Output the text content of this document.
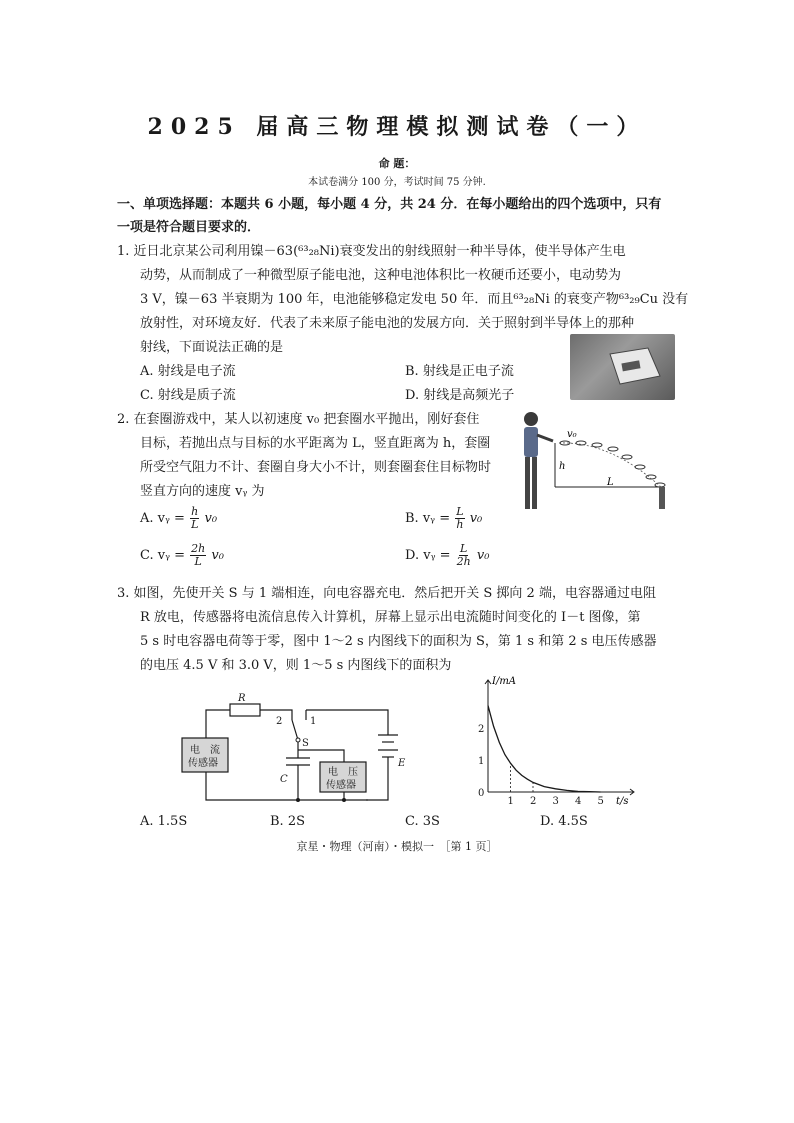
2025 届高三物理模拟测试卷（一）
命 题：
本试卷满分 100 分，考试时间 75 分钟.
一、单项选择题：本题共 6 小题，每小题 4 分，共 24 分．在每小题给出的四个选项中，只有
一项是符合题目要求的．
1. 近日北京某公司利用镍－63(⁶³₂₈Ni)衰变发出的射线照射一种半导体，使半导体产生电
动势，从而制成了一种微型原子能电池，这种电池体积比一枚硬币还要小，电动势为
3 V，镍－63 半衰期为 100 年，电池能够稳定发电 50 年．而且⁶³₂₈Ni 的衰变产物⁶³₂₉Cu 没有
放射性，对环境友好．代表了未来原子能电池的发展方向．关于照射到半导体上的那种
射线，下面说法正确的是
A. 射线是电子流	B. 射线是正电子流
C. 射线是质子流	D. 射线是高频光子
2. 在套圈游戏中，某人以初速度 v₀ 把套圈水平抛出，刚好套住
目标，若抛出点与目标的水平距离为 L，竖直距离为 h，套圈
所受空气阻力不计、套圈自身大小不计，则套圈套住目标物时
竖直方向的速度 vᵧ 为
v₀
h
L
A. vᵧ = $\frac{h}{L} v_0$	B. vᵧ = $\frac{L}{h} v_0$
C. vᵧ = $\frac{2h}{L} v_0$	D. vᵧ = $\frac{L}{2h} v_0$
3. 如图，先使开关 S 与 1 端相连，向电容器充电．然后把开关 S 掷向 2 端，电容器通过电阻
R 放电，传感器将电流信息传入计算机，屏幕上显示出电流随时间变化的 I－t 图像，第
5 s 时电容器电荷等于零，图中 1～2 s 内图线下的面积为 S，第 1 s 和第 2 s 电压传感器
的电压 4.5 V 和 3.0 V，则 1～5 s 内图线下的面积为
R
2	1
S
C
E
电　流
传感器
电　压
传感器
1 2 3 4 5
0
1
2
I/mA
t/s
A. 1.5S	B. 2S	C. 3S	D. 4.5S
京星・物理（河南）・模拟一　［第 1 页］
